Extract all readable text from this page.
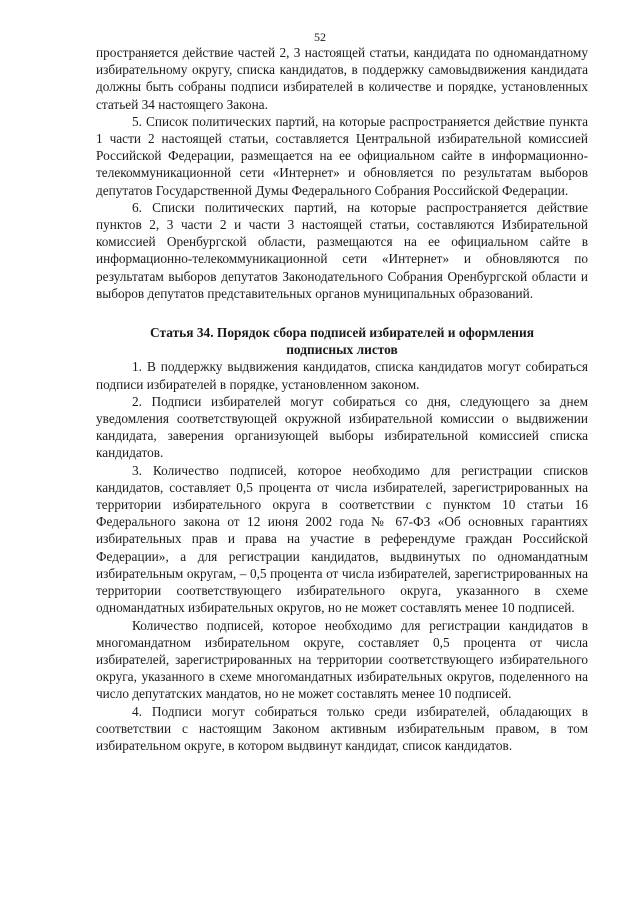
52

пространяется действие частей 2, 3 настоящей статьи, кандидата по одномандатному избирательному округу, списка кандидатов, в поддержку самовыдвижения кандидата должны быть собраны подписи избирателей в количестве и порядке, установленных статьей 34 настоящего Закона.

5. Список политических партий, на которые распространяется действие пункта 1 части 2 настоящей статьи, составляется Центральной избирательной комиссией Российской Федерации, размещается на ее официальном сайте в информационно-телекоммуникационной сети «Интернет» и обновляется по результатам выборов депутатов Государственной Думы Федерального Собрания Российской Федерации.

6. Списки политических партий, на которые распространяется действие пунктов 2, 3 части 2 и части 3 настоящей статьи, составляются Избирательной комиссией Оренбургской области, размещаются на ее официальном сайте в информационно-телекоммуникационной сети «Интернет» и обновляются по результатам выборов депутатов Законодательного Собрания Оренбургской области и выборов депутатов представительных органов муниципальных образований.

Статья 34. Порядок сбора подписей избирателей и оформления подписных листов

1. В поддержку выдвижения кандидатов, списка кандидатов могут собираться подписи избирателей в порядке, установленном законом.

2. Подписи избирателей могут собираться со дня, следующего за днем уведомления соответствующей окружной избирательной комиссии о выдвижении кандидата, заверения организующей выборы избирательной комиссией списка кандидатов.

3. Количество подписей, которое необходимо для регистрации списков кандидатов, составляет 0,5 процента от числа избирателей, зарегистрированных на территории избирательного округа в соответствии с пунктом 10 статьи 16 Федерального закона от 12 июня 2002 года № 67-ФЗ «Об основных гарантиях избирательных прав и права на участие в референдуме граждан Российской Федерации», а для регистрации кандидатов, выдвинутых по одномандатным избирательным округам, – 0,5 процента от числа избирателей, зарегистрированных на территории соответствующего избирательного округа, указанного в схеме одномандатных избирательных округов, но не может составлять менее 10 подписей.

Количество подписей, которое необходимо для регистрации кандидатов в многомандатном избирательном округе, составляет 0,5 процента от числа избирателей, зарегистрированных на территории соответствующего избирательного округа, указанного в схеме многомандатных избирательных округов, поделенного на число депутатских мандатов, но не может составлять менее 10 подписей.

4. Подписи могут собираться только среди избирателей, обладающих в соответствии с настоящим Законом активным избирательным правом, в том избирательном округе, в котором выдвинут кандидат, список кандидатов.
